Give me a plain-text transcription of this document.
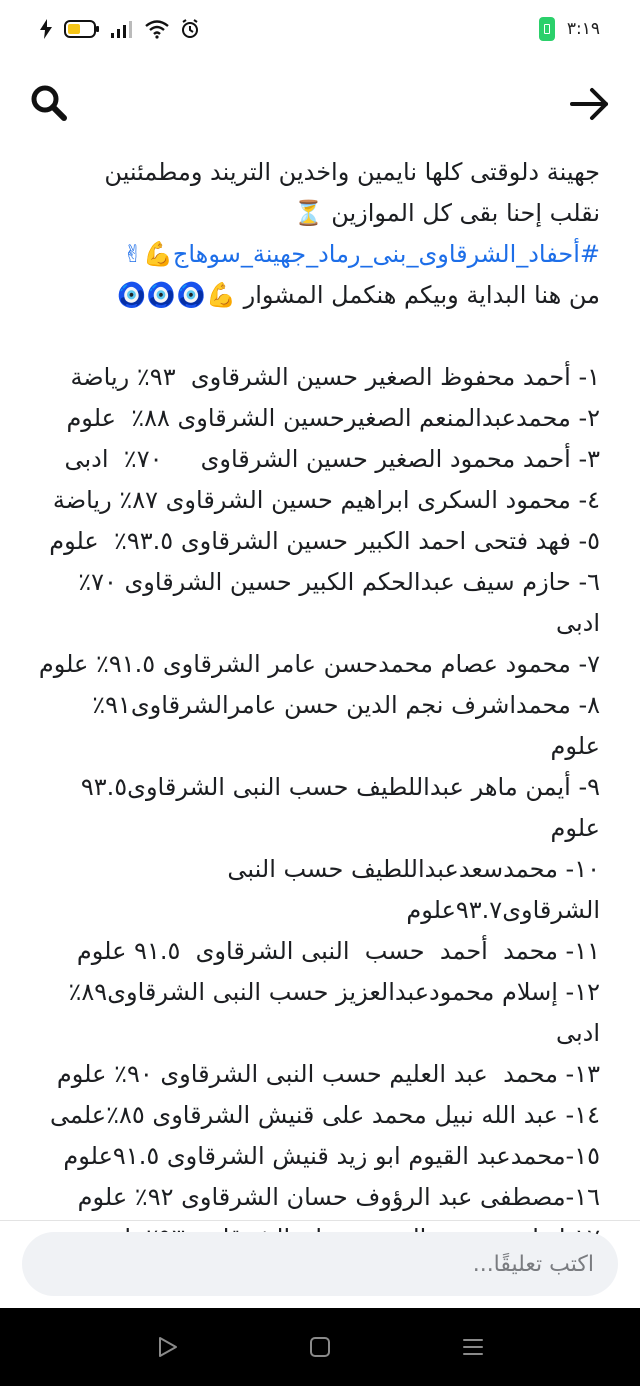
٣:١٩
جهينة دلوقتى كلها نايمين واخدين التريند ومطمئنين
نقلب إحنا بقى كل الموازين ⏳
#أحفاد_الشرقاوى_بنى_رماد_جهينة_سوهاج💪✌
من هنا البداية وبيكم هنكمل المشوار 💪🧿🧿🧿
١- أحمد محفوظ الصغير حسين الشرقاوى  ٩٣٪ رياضة
٢- محمدعبدالمنعم الصغيرحسين الشرقاوى ٨٨٪  علوم
٣- أحمد محمود الصغير حسين الشرقاوى     ٧٠٪  ادبى
٤- محمود السكرى ابراهيم حسين الشرقاوى ٨٧٪ رياضة
٥- فهد فتحى احمد الكبير حسين الشرقاوى ٩٣.٥٪  علوم
٦- حازم سيف عبدالحكم الكبير حسين الشرقاوى ٧٠٪
ادبى
٧- محمود عصام محمدحسن عامر الشرقاوى ٩١.٥٪ علوم
٨- محمداشرف نجم الدين حسن عامرالشرقاوى٩١٪  علوم
٩- أيمن ماهر عبداللطيف حسب النبى الشرقاوى٩٣.٥
علوم
١٠- محمدسعدعبداللطيف حسب النبى
الشرقاوى٩٣.٧علوم
١١- محمد  أحمد  حسب  النبى الشرقاوى  ٩١.٥ علوم
١٢- إسلام محمودعبدالعزيز حسب النبى الشرقاوى٨٩٪
ادبى
١٣- محمد  عبد العليم حسب النبى الشرقاوى ٩٠٪ علوم
١٤- عبد الله نبيل محمد على قنيش الشرقاوى ٨٥٪علمى
١٥-محمدعبد القيوم ابو زيد قنيش الشرقاوى ٩١.٥علوم
١٦-مصطفى عبد الرؤوف حسان الشرقاوى ٩٢٪ علوم
اكتب تعليقًا...
